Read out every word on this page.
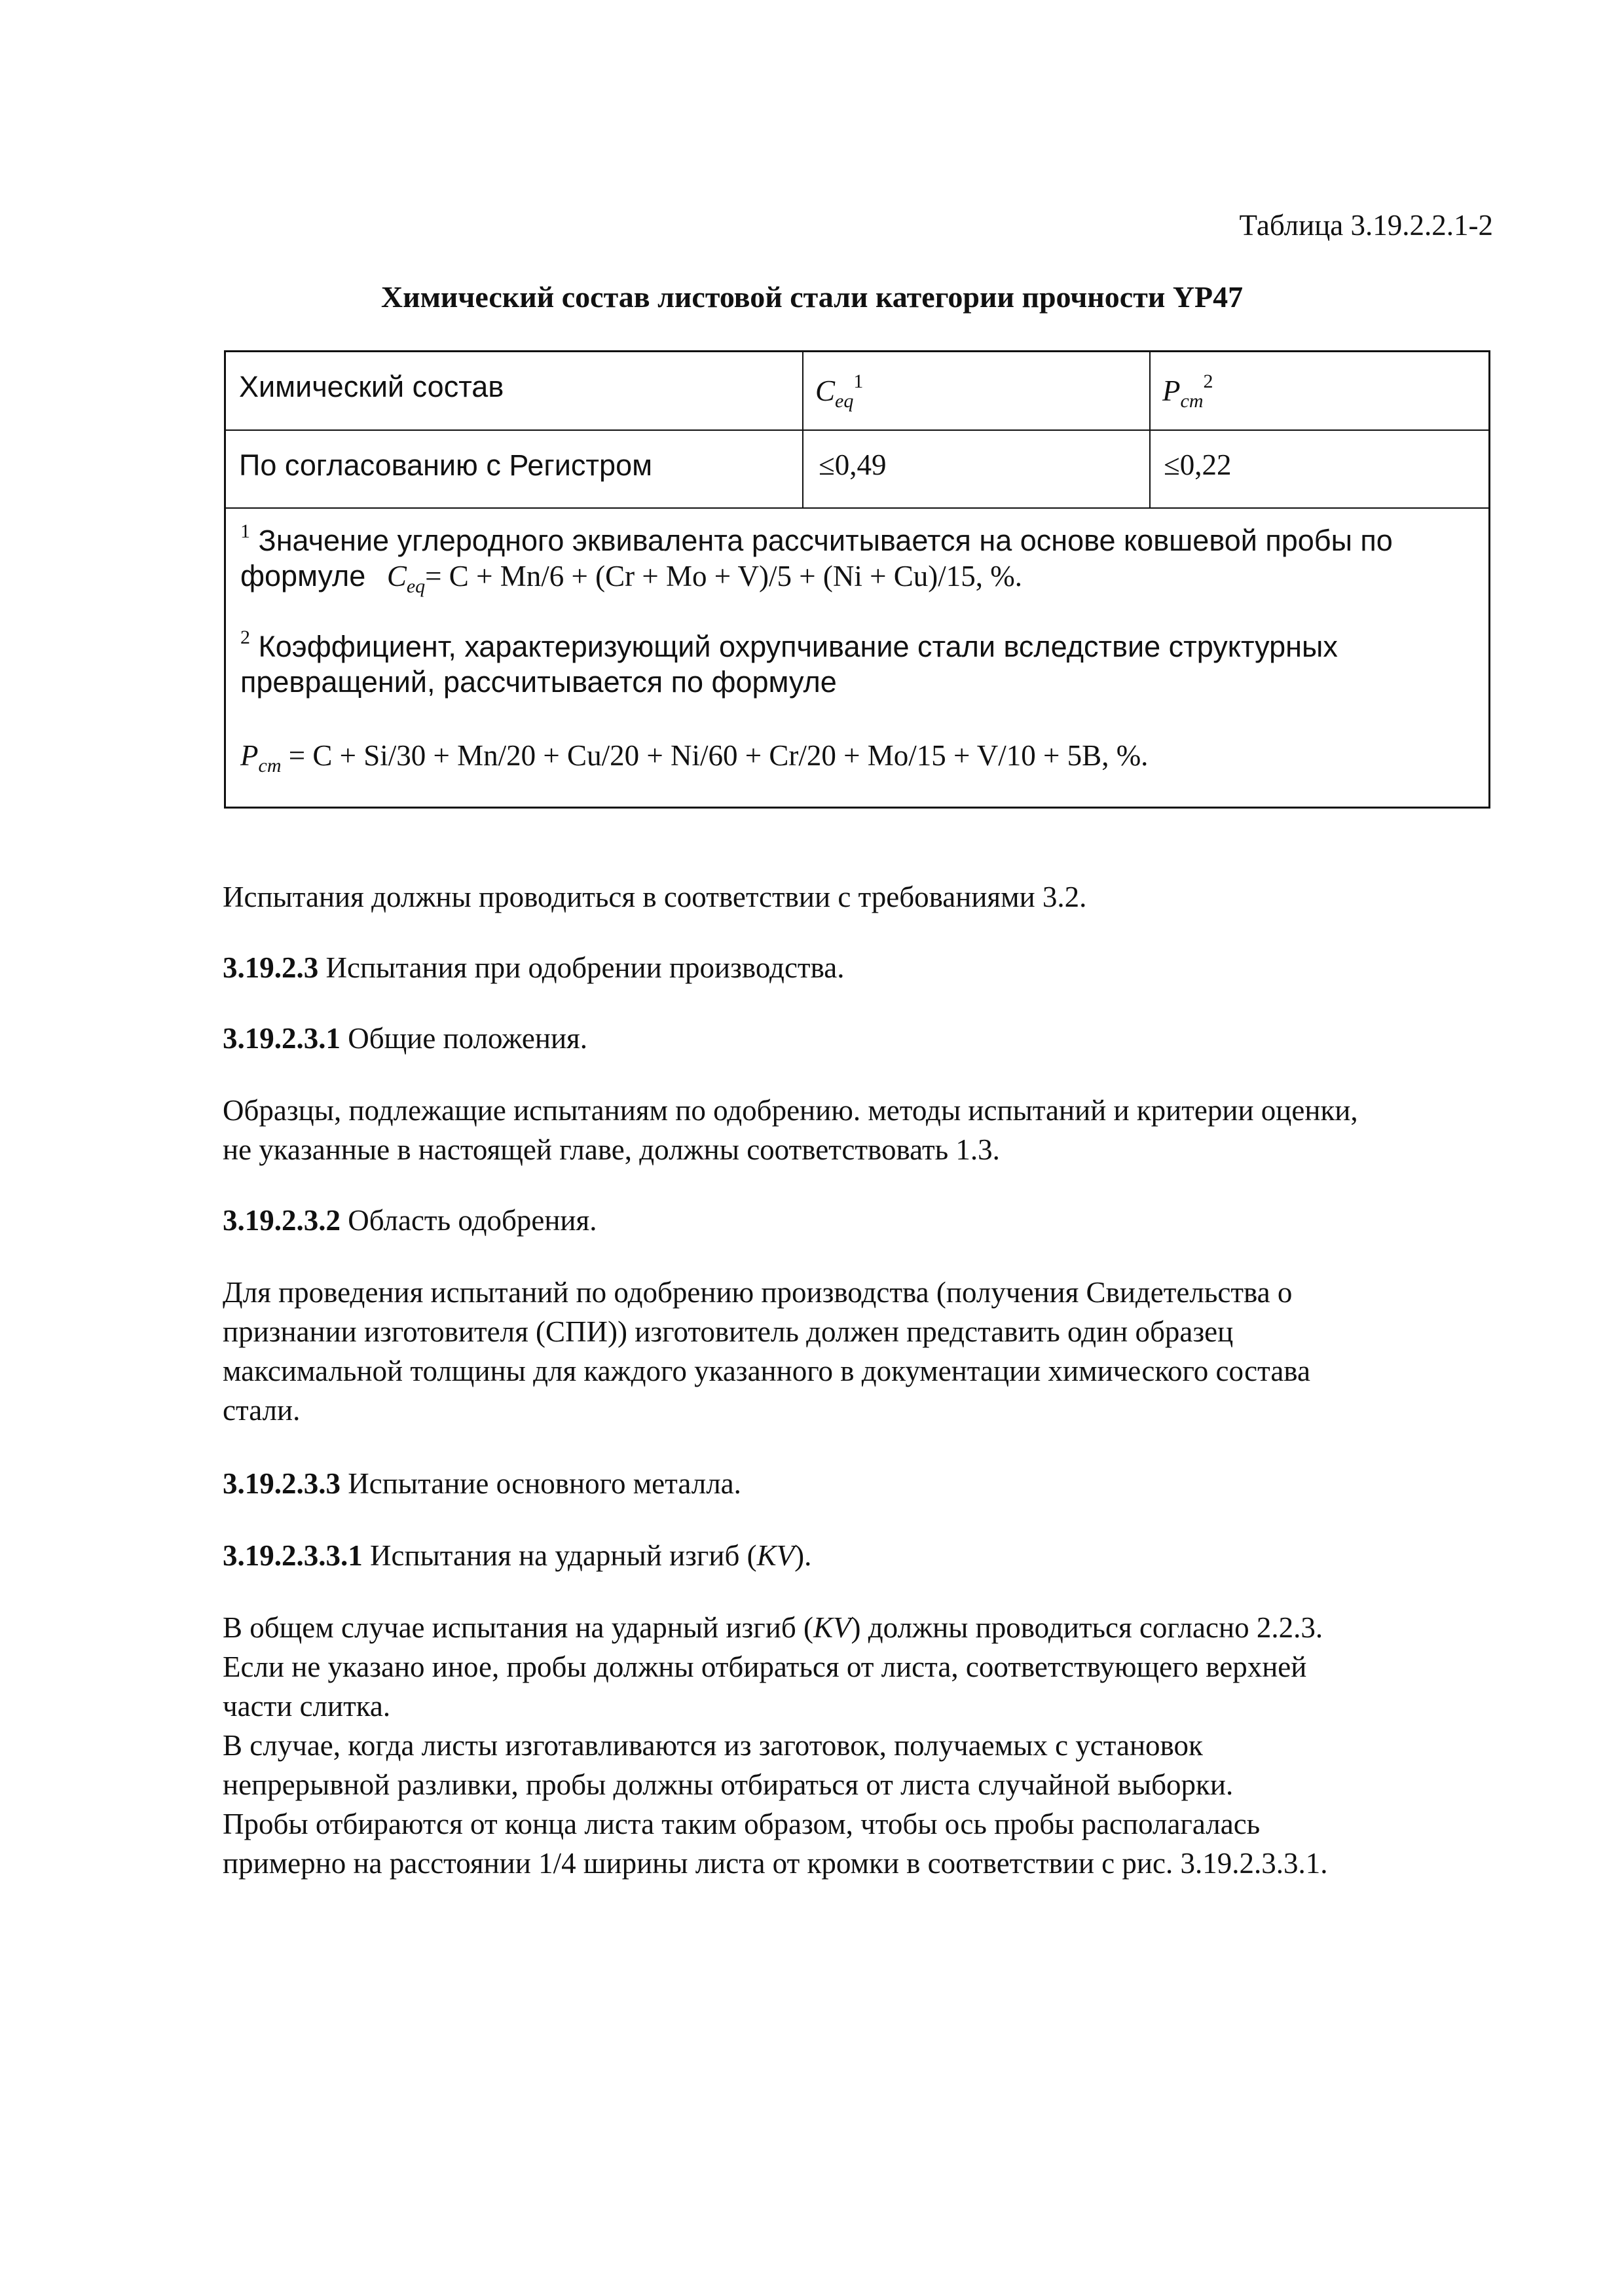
Таблица 3.19.2.2.1-2
Химический состав листовой стали категории прочности YP47
Химический состав	$C_{eq}^1$	$P_{cm}^2$
По согласованию с Регистром	≤0,49	≤0,22
$^1$ Значение углеродного эквивалента рассчитывается на основе ковшевой пробы по
формуле $C_{eq}= C + Mn/6 + (Cr + Mo + V)/5 + (Ni + Cu)/15$, %.
$^2$ Коэффициент, характеризующий охрупчивание стали вследствие структурных
превращений, рассчитывается по формуле
$P_{cm} = C + Si/30 + Mn/20 + Cu/20 + Ni/60 + Cr/20 + Mo/15 + V/10 + 5B$, %.
Испытания должны проводиться в соответствии с требованиями 3.2.
3.19.2.3 Испытания при одобрении производства.
3.19.2.3.1 Общие положения.
Образцы, подлежащие испытаниям по одобрению. методы испытаний и критерии оценки,
не указанные в настоящей главе, должны соответствовать 1.3.
3.19.2.3.2 Область одобрения.
Для проведения испытаний по одобрению производства (получения Свидетельства о
признании изготовителя (СПИ)) изготовитель должен представить один образец
максимальной толщины для каждого указанного в документации химического состава
стали.
3.19.2.3.3 Испытание основного металла.
3.19.2.3.3.1 Испытания на ударный изгиб (KV).
В общем случае испытания на ударный изгиб (KV) должны проводиться согласно 2.2.3.
Если не указано иное, пробы должны отбираться от листа, соответствующего верхней
части слитка.
В случае, когда листы изготавливаются из заготовок, получаемых с установок
непрерывной разливки, пробы должны отбираться от листа случайной выборки.
Пробы отбираются от конца листа таким образом, чтобы ось пробы располагалась
примерно на расстоянии 1/4 ширины листа от кромки в соответствии с рис. 3.19.2.3.3.1.
